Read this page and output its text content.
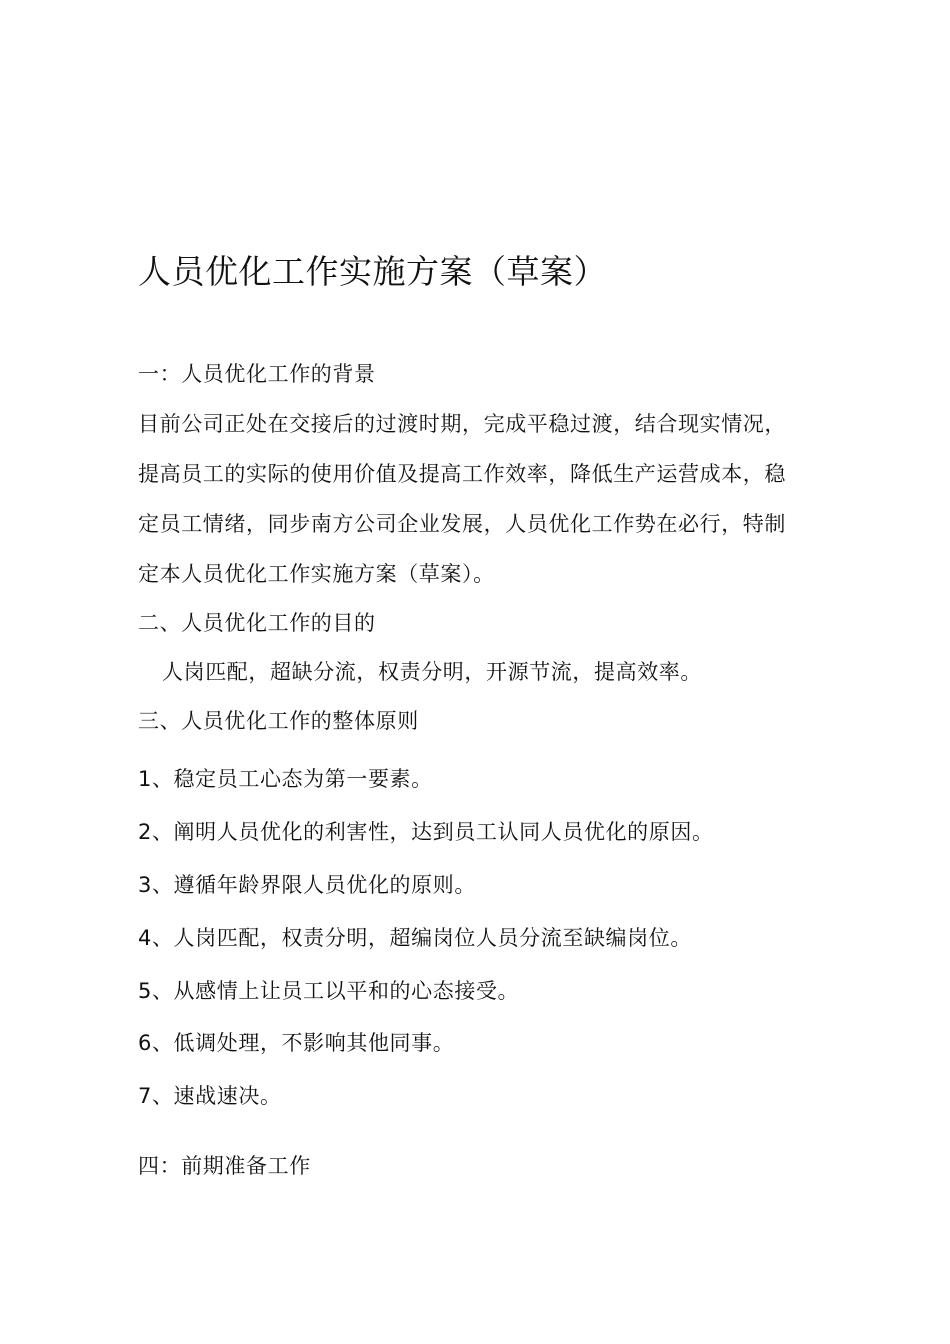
人员优化工作实施方案（草案）
一：人员优化工作的背景
目前公司正处在交接后的过渡时期，完成平稳过渡，结合现实情况，
提高员工的实际的使用价值及提高工作效率，降低生产运营成本，稳
定员工情绪，同步南方公司企业发展，人员优化工作势在必行，特制
定本人员优化工作实施方案（草案）。
二、人员优化工作的目的
人岗匹配，超缺分流，权责分明，开源节流，提高效率。
三、人员优化工作的整体原则
1、稳定员工心态为第一要素。
2、阐明人员优化的利害性，达到员工认同人员优化的原因。
3、遵循年龄界限人员优化的原则。
4、人岗匹配，权责分明，超编岗位人员分流至缺编岗位。
5、从感情上让员工以平和的心态接受。
6、低调处理，不影响其他同事。
7、速战速决。
四：前期准备工作
